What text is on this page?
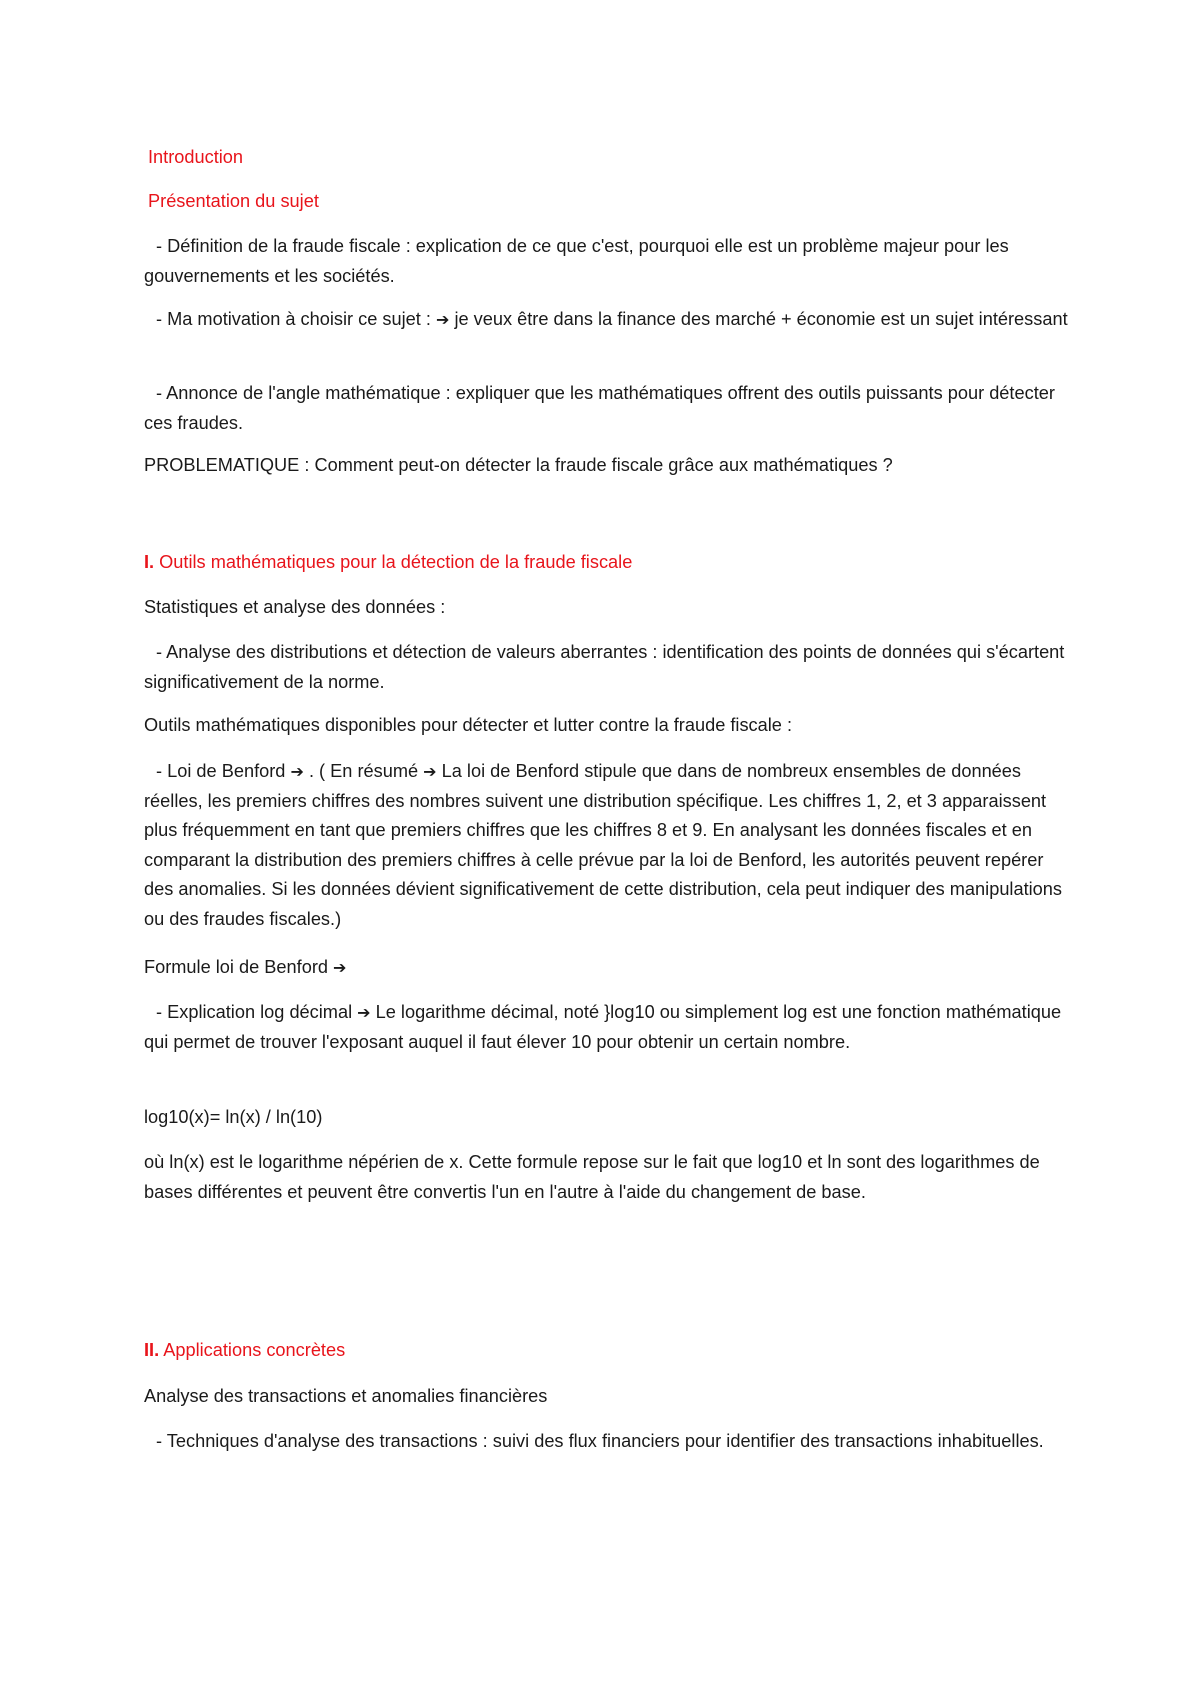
Introduction

Présentation du sujet

- Définition de la fraude fiscale : explication de ce que c'est, pourquoi elle est un problème majeur pour les gouvernements et les sociétés.

- Ma motivation à choisir ce sujet : ➔ je veux être dans la finance des marché + économie est un sujet intéressant

- Annonce de l'angle mathématique : expliquer que les mathématiques offrent des outils puissants pour détecter ces fraudes.

PROBLEMATIQUE : Comment peut-on détecter la fraude fiscale grâce aux mathématiques ?

I. Outils mathématiques pour la détection de la fraude fiscale

Statistiques et analyse des données :

- Analyse des distributions et détection de valeurs aberrantes : identification des points de données qui s'écartent significativement de la norme.

Outils mathématiques disponibles pour détecter et lutter contre la fraude fiscale :

- Loi de Benford ➔ . ( En résumé ➔ La loi de Benford stipule que dans de nombreux ensembles de données réelles, les premiers chiffres des nombres suivent une distribution spécifique. Les chiffres 1, 2, et 3 apparaissent plus fréquemment en tant que premiers chiffres que les chiffres 8 et 9. En analysant les données fiscales et en comparant la distribution des premiers chiffres à celle prévue par la loi de Benford, les autorités peuvent repérer des anomalies. Si les données dévient significativement de cette distribution, cela peut indiquer des manipulations ou des fraudes fiscales.)

Formule loi de Benford ➔

- Explication log décimal ➔ Le logarithme décimal, noté }log10 ou simplement log est une fonction mathématique qui permet de trouver l'exposant auquel il faut élever 10 pour obtenir un certain nombre.

log10(x)= ln(x) / ln(10)

où ln(x) est le logarithme népérien de x. Cette formule repose sur le fait que log10 et ln sont des logarithmes de bases différentes et peuvent être convertis l'un en l'autre à l'aide du changement de base.

II. Applications concrètes

Analyse des transactions et anomalies financières

- Techniques d'analyse des transactions : suivi des flux financiers pour identifier des transactions inhabituelles.
